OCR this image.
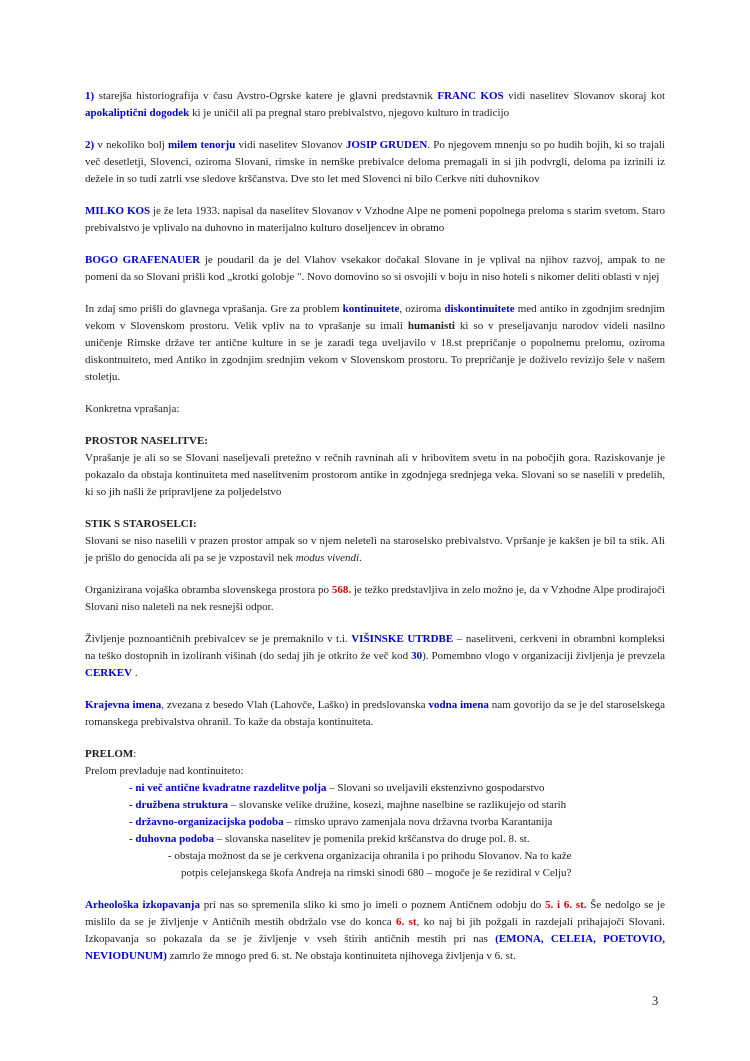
1) starejša historiografija v času Avstro-Ogrske katere je glavni predstavnik FRANC KOS vidi naselitev Slovanov skoraj kot apokaliptični dogodek ki je uničil ali pa pregnal staro prebivalstvo, njegovo kulturo in tradicijo
2) v nekoliko bolj milem tenorju vidi naselitev Slovanov JOSIP GRUDEN. Po njegovem mnenju so po hudih bojih, ki so trajali več desetletji, Slovenci, oziroma Slovani, rimske in nemške prebivalce deloma premagali in si jih podvrgli, deloma pa izrinili iz dežele in so tudi zatrli vse sledove krščanstva. Dve sto let med Slovenci ni bilo Cerkve niti duhovnikov
MILKO KOS je že leta 1933. napisal da naselitev Slovanov v Vzhodne Alpe ne pomeni popolnega preloma s starim svetom. Staro prebivalstvo je vplivalo na duhovno in materijalno kulturo doseljencev in obratno
BOGO GRAFENAUER je poudaril da je del Vlahov vsekakor dočakal Slovane in je vplival na njihov razvoj, ampak to ne pomeni da so Slovani prišli kod „krotki golobje ". Novo domovino so si osvojili v boju in niso hoteli s nikomer deliti oblasti v njej
In zdaj smo prišli do glavnega vprašanja. Gre za problem kontinuitete, oziroma diskontinuitete med antiko in zgodnjim srednjim vekom v Slovenskom prostoru. Velik vpliv na to vprašanje su imali humanisti ki so v preseljavanju narodov videli nasilno uničenje Rimske države ter antične kulture in se je zaradi tega uveljavilo v 18.st prepričanje o popolnemu prelomu, oziroma diskontnuiteto, med Antiko in zgodnjim srednjim vekom v Slovenskom prostoru. To prepričanje je doživelo revizijo šele v našem stoletju.
Konkretna vprašanja:
PROSTOR NASELITVE:
Vprašanje je ali so se Slovani naseljevali pretežno v rečnih ravninah ali v hribovitem svetu in na pobočjih gora. Raziskovanje je pokazalo da obstaja kontinuiteta med naselitvenim prostorom antike in zgodnjega srednjega veka. Slovani so se naselili v predelih, ki so jih našli že pripravljene za poljedelstvo
STIK S STAROSELCI:
Slovani se niso naselili v prazen prostor ampak so v njem neleteli na staroselsko prebivalstvo. Vpršanje je kakšen je bil ta stik. Ali je prišlo do genocida ali pa se je vzpostavil nek modus vivendi.
Organizirana vojaška obramba slovenskega prostora po 568. je težko predstavljiva in zelo možno je, da v Vzhodne Alpe prodirajoči Slovani niso naleteli na nek resnejši odpor.
Življenje poznoantičnih prebivalcev se je premaknilo v t.i. VIŠINSKE UTRDBE – naselitveni, cerkveni in obrambni kompleksi na teško dostopnih in izoliranh višinah (do sedaj jih je otkrito že več kod 30). Pomembno vlogo v organizaciji življenja je prevzela CERKEV .
Krajevna imena, zvezana z besedo Vlah (Lahovče, Laško) in predslovanska vodna imena nam govorijo da se je del staroselskega romanskega prebivalstva ohranil. To kaže da obstaja kontinuiteta.
PRELOM:
Prelom prevladuje nad kontinuiteto:
- ni več antične kvadratne razdelitve polja – Slovani so uveljavili ekstenzivno gospodarstvo
- družbena struktura – slovanske velike družine, kosezi, majhne naselbine se razlikujejo od starih
- državno-organizacijska podoba – rimsko upravo zamenjala nova državna tvorba Karantanija
- duhovna podoba – slovanska naselitev je pomenila prekid krščanstva do druge pol. 8. st.
- obstaja možnost da se je cerkvena organizacija ohranila i po prihodu Slovanov. Na to kaže
potpis celejanskega škofa Andreja na rimski sinodi 680 – mogoče je še rezidiral v Celju?
Arheološka izkopavanja pri nas so spremenila sliko ki smo jo imeli o poznem Antičnem odobju do 5. i 6. st. Še nedolgo se je mislilo da se je življenje v Antičnih mestih obdržalo vse do konca 6. st, ko naj bi jih požgali in razdejali prihajajoči Slovani. Izkopavanja so pokazala da se je življenje v vseh štirih antičnih mestih pri nas (EMONA, CELEIA, POETOVIO, NEVIODUNUM) zamrlo že mnogo pred 6. st. Ne obstaja kontinuiteta njihovega življenja v 6. st.
3
